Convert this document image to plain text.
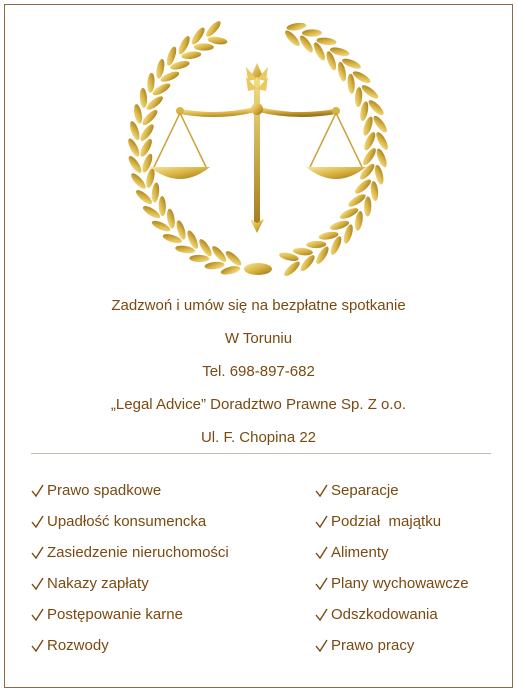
Zadzwoń i umów się na bezpłatne spotkanie
W Toruniu
Tel. 698-897-682
„Legal Advice” Doradztwo Prawne Sp. Z o.o.
Ul. F. Chopina 22
Prawo spadkowe
Upadłość konsumencka
Zasiedzenie nieruchomości
Nakazy zapłaty
Postępowanie karne
Rozwody
Separacje
Podział  majątku
Alimenty
Plany wychowawcze
Odszkodowania
Prawo pracy
